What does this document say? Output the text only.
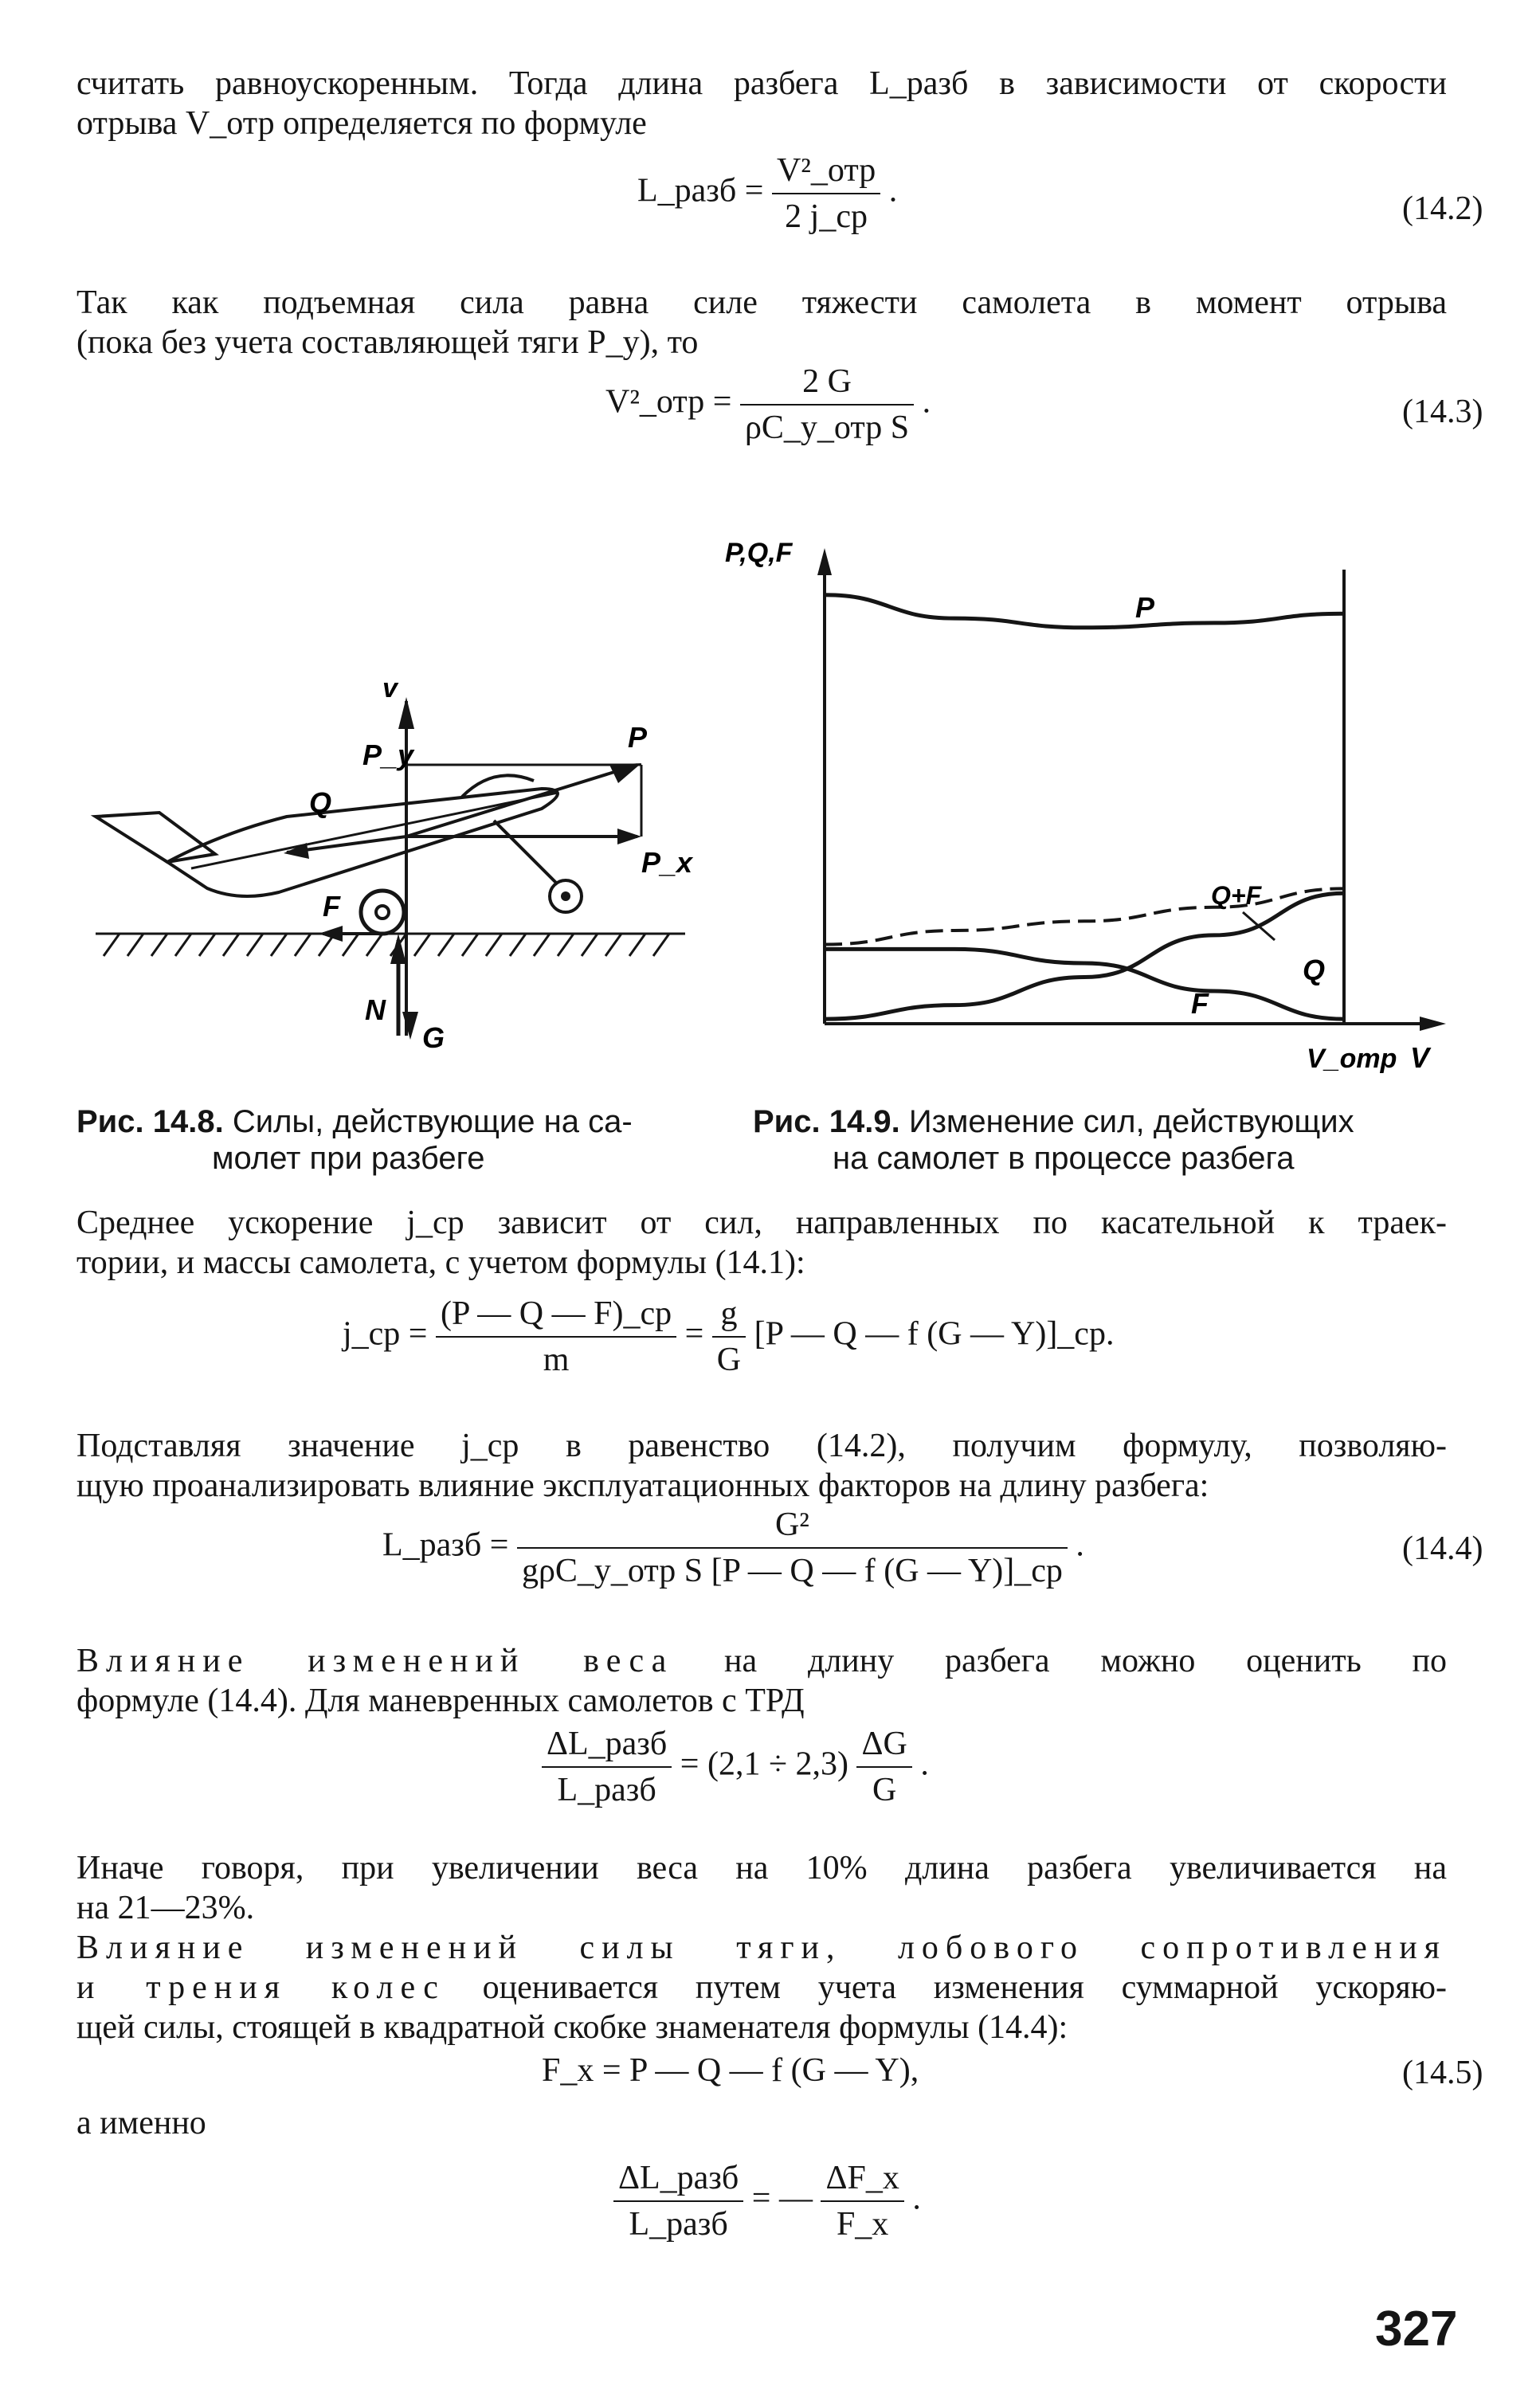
считать равноускоренным. Тогда длина разбега L_разб в зависимости от скорости
отрыва V_отр определяется по формуле
L_разб = $\frac{\text{V²\_отр}}{2 j\_ср}$ .	(14.2)
Так как подъемная сила равна силе тяжести самолета в момент отрыва
(пока без учета составляющей тяги P_y), то
V²_отр = $\frac{2 G}{\text{ρC\_y\_отр S}}$ .	(14.3)
v
P_y
P
Q
P_x
F
N
G
P,Q,F
P
Q+F
Q
F
V_отр V
Рис. 14.8. Силы, действующие на са-
молет при разбеге
Рис. 14.9. Изменение сил, действующих
на самолет в процессе разбега
Среднее ускорение j_ср зависит от сил, направленных по касательной к траек-
тории, и массы самолета, с учетом формулы (14.1):
j_ср = $\frac{(P — Q — F)\_ср}{m} = \frac{g}{G} [P$ — Q — f (G — Y)]_ср.
Подставляя значение j_ср в равенство (14.2), получим формулу, позволяю-
щую проанализировать влияние эксплуатационных факторов на длину разбега:
L_разб = $\frac{\text{G²}}{\text{gρC\_y\_отр S [P — Q — f (G — Y)]\_ср}}$ .	(14.4)
Влияние изменений веса на длину разбега можно оценить по
формуле (14.4). Для маневренных самолетов с ТРД
$\frac{\text{ΔL\_разб}}{\text{L\_разб}} = (2,1 \div 2,3) \frac{\Delta G}{G}$ .
Иначе говоря, при увеличении веса на 10% длина разбега увеличивается на
на 21—23%.
Влияние изменений силы тяги, лобового сопротивления
и трения колес оценивается путем учета изменения суммарной ускоряю-
щей силы, стоящей в квадратной скобке знаменателя формулы (14.4):
F_x = P — Q — f (G — Y),	(14.5)
а именно
$\frac{\text{ΔL\_разб}}{\text{L\_разб}}$ = — $\frac{\Delta F\_x}{F\_x}$ .
327
